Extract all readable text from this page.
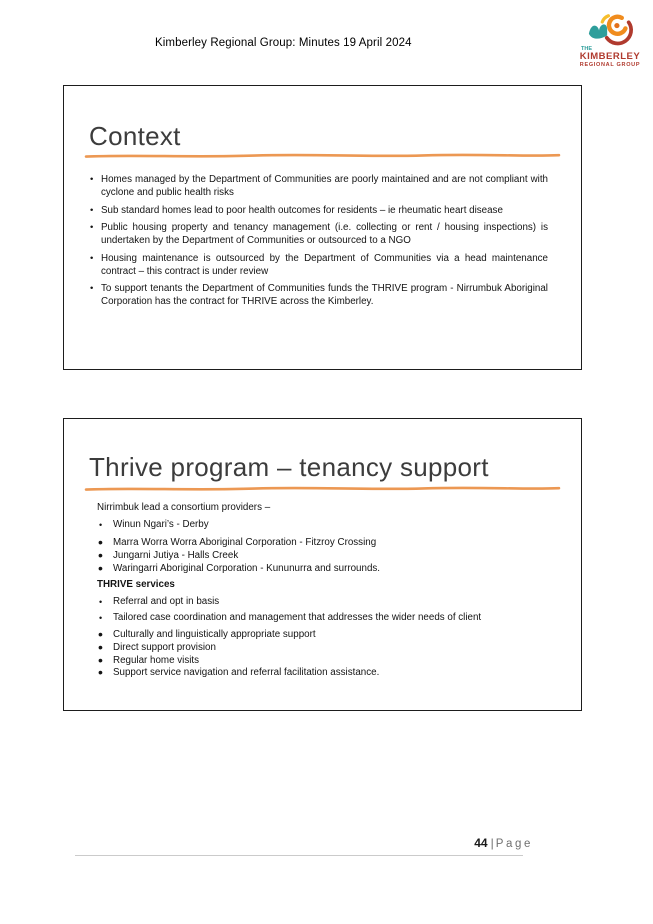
Kimberley Regional Group: Minutes 19 April 2024	THE
KIMBERLEY
REGIONAL GROUP
Context
• Homes managed by the Department of Communities are poorly maintained and are not compliant with cyclone and public health risks
• Sub standard homes lead to poor health outcomes for residents – ie rheumatic heart disease
• Public housing property and tenancy management (i.e. collecting or rent / housing inspections) is undertaken by the Department of Communities or outsourced to a NGO
• Housing maintenance is outsourced by the Department of Communities via a head maintenance contract – this contract is under review
• To support tenants the Department of Communities funds the THRIVE program - Nirrumbuk Aboriginal Corporation has the contract for THRIVE across the Kimberley.
Thrive program – tenancy support

Nirrimbuk lead a consortium providers –

• Winun Ngari’s - Derby
• Marra Worra Worra Aboriginal Corporation - Fitzroy Crossing
• Jungarni Jutiya - Halls Creek
• Waringarri Aboriginal Corporation - Kununurra and surrounds.

THRIVE services

• Referral and opt in basis
• Tailored case coordination and management that addresses the wider needs of client
• Culturally and linguistically appropriate support
• Direct support provision
• Regular home visits
• Support service navigation and referral facilitation assistance.
44 | Page
